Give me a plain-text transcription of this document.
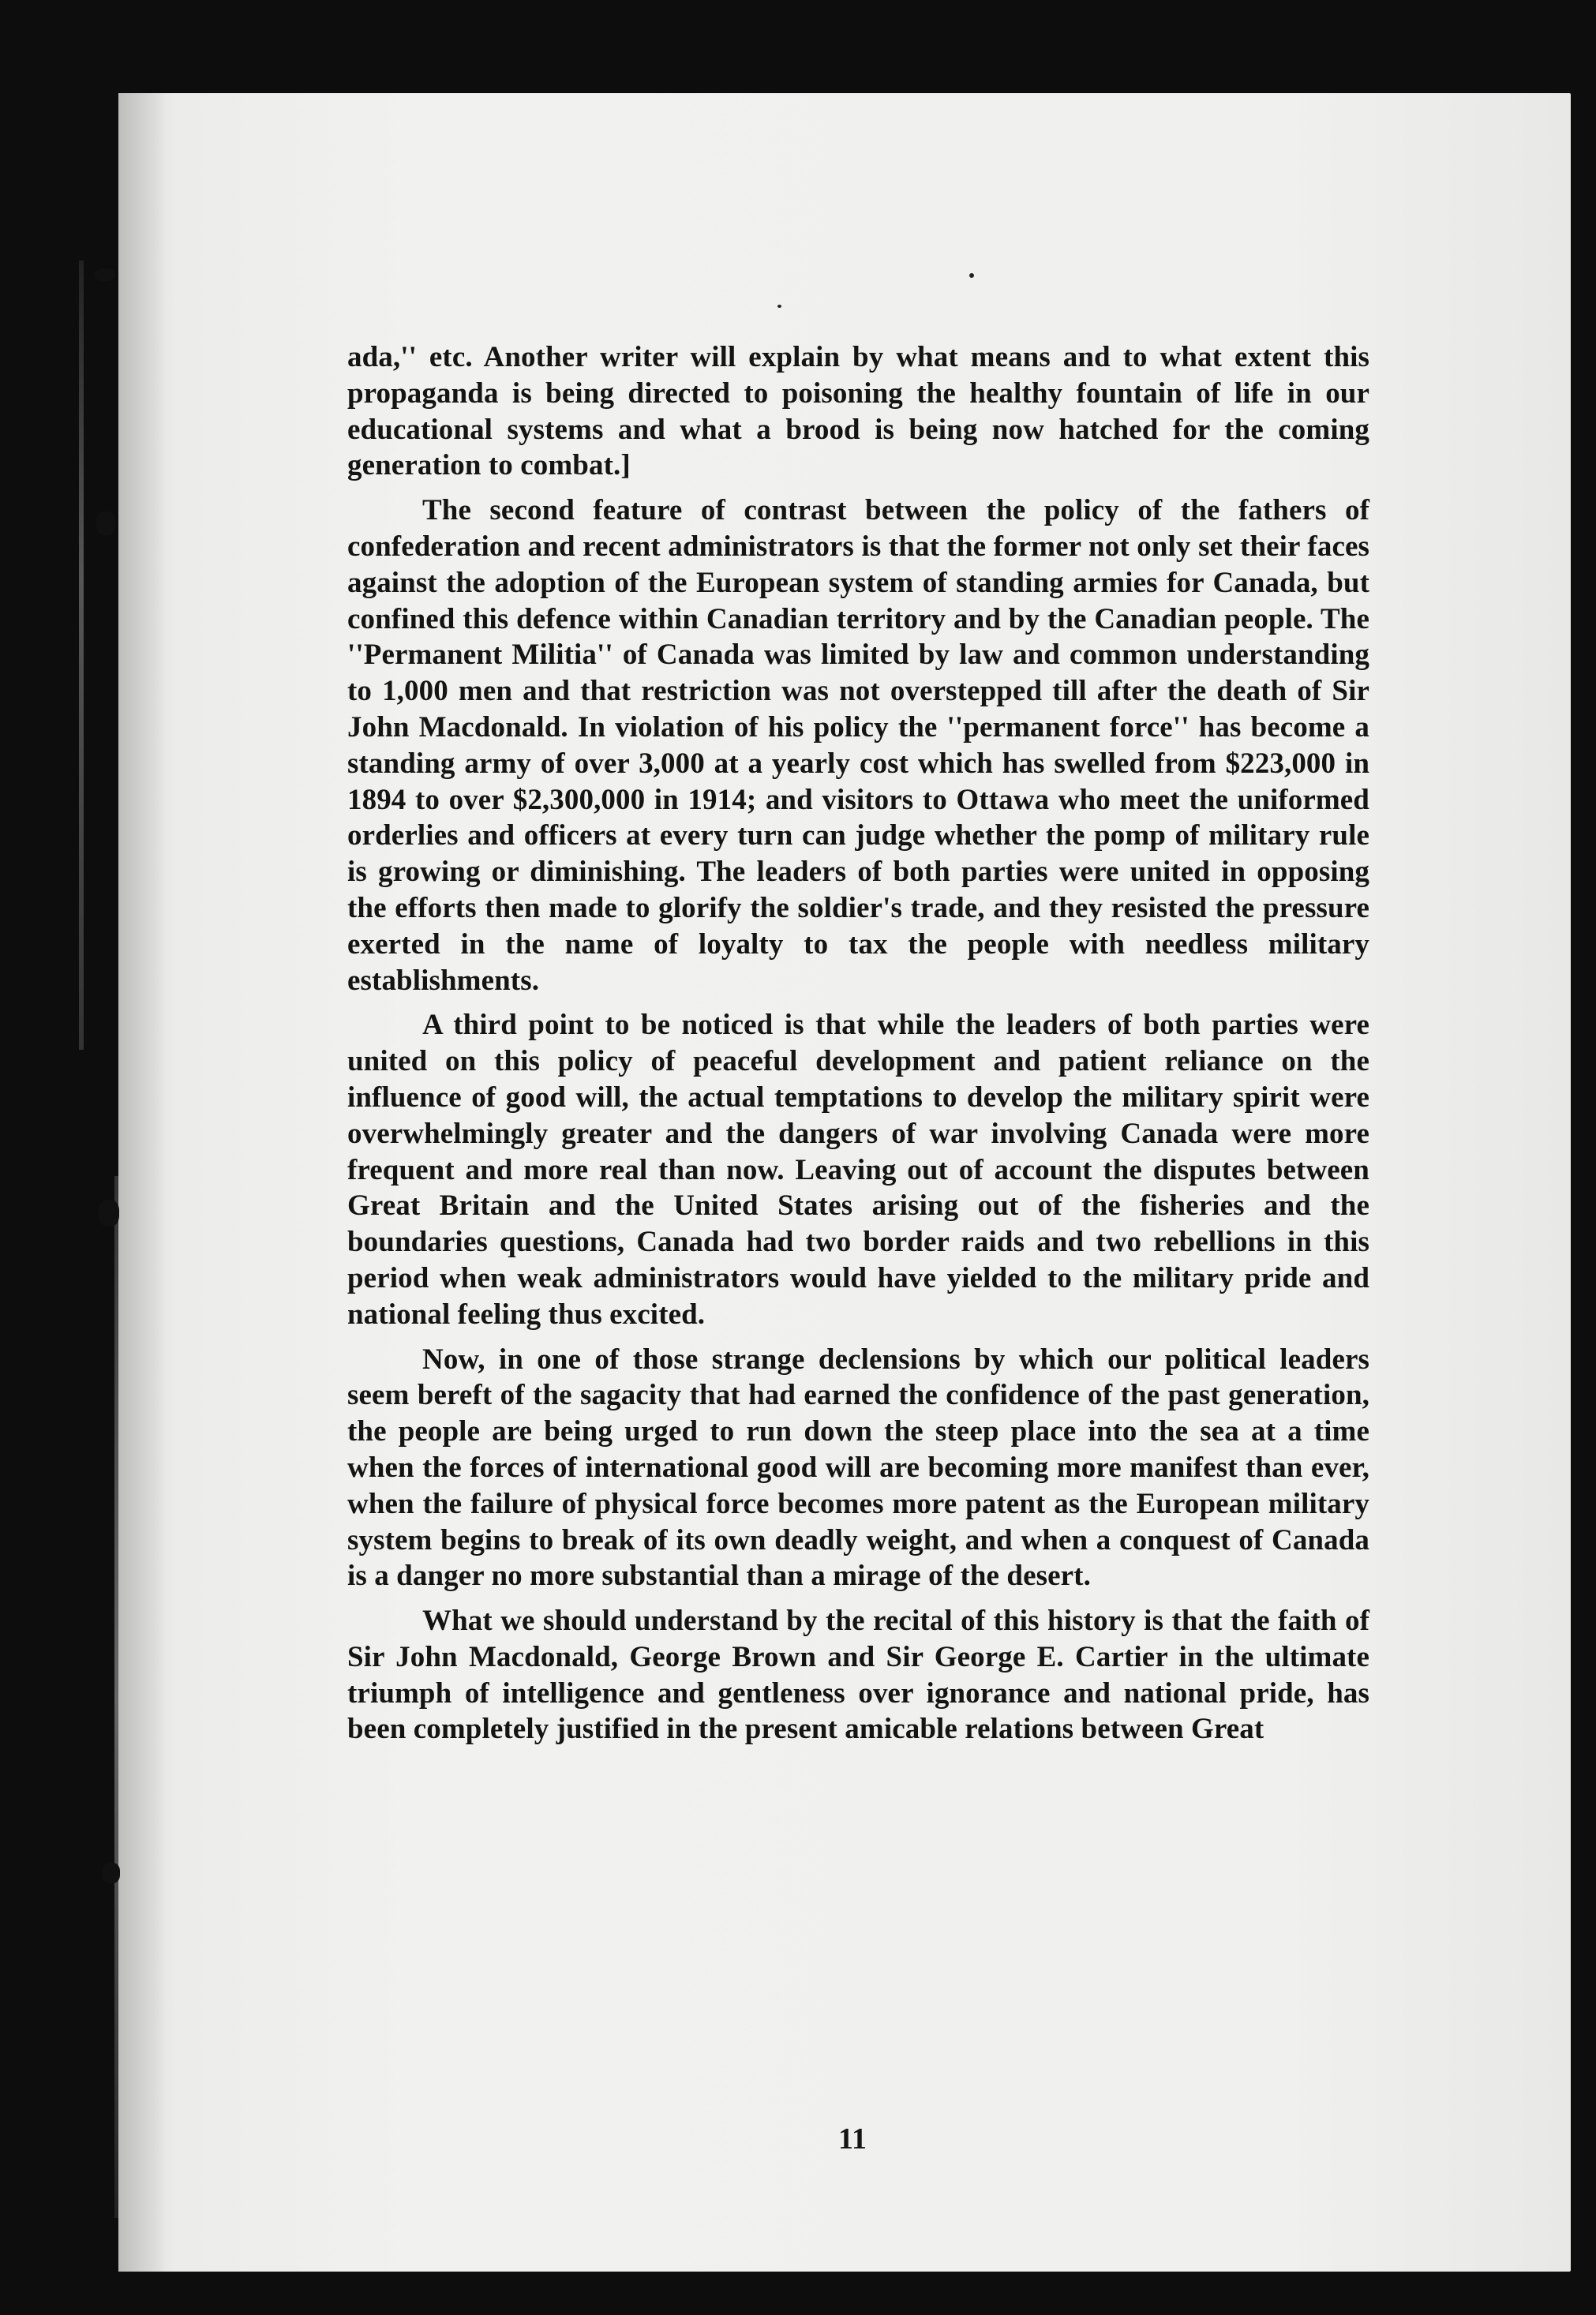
ada,'' etc. Another writer will explain by what means and to what extent this propaganda is being directed to poisoning the healthy fountain of life in our educational systems and what a brood is being now hatched for the coming generation to combat.]

The second feature of contrast between the policy of the fathers of confederation and recent administrators is that the former not only set their faces against the adoption of the European system of standing armies for Canada, but confined this defence within Canadian territory and by the Canadian people. The ''Permanent Militia'' of Canada was limited by law and common understanding to 1,000 men and that restriction was not overstepped till after the death of Sir John Macdonald. In violation of his policy the ''permanent force'' has become a standing army of over 3,000 at a yearly cost which has swelled from $223,000 in 1894 to over $2,300,000 in 1914; and visitors to Ottawa who meet the uniformed orderlies and officers at every turn can judge whether the pomp of military rule is growing or diminishing. The leaders of both parties were united in opposing the efforts then made to glorify the soldier's trade, and they resisted the pressure exerted in the name of loyalty to tax the people with needless military establishments.

A third point to be noticed is that while the leaders of both parties were united on this policy of peaceful development and patient reliance on the influence of good will, the actual temptations to develop the military spirit were overwhelmingly greater and the dangers of war involving Canada were more frequent and more real than now. Leaving out of account the disputes between Great Britain and the United States arising out of the fisheries and the boundaries questions, Canada had two border raids and two rebellions in this period when weak administrators would have yielded to the military pride and national feeling thus excited.

Now, in one of those strange declensions by which our political leaders seem bereft of the sagacity that had earned the confidence of the past generation, the people are being urged to run down the steep place into the sea at a time when the forces of international good will are becoming more manifest than ever, when the failure of physical force becomes more patent as the European military system begins to break of its own deadly weight, and when a conquest of Canada is a danger no more substantial than a mirage of the desert.

What we should understand by the recital of this history is that the faith of Sir John Macdonald, George Brown and Sir George E. Cartier in the ultimate triumph of intelligence and gentleness over ignorance and national pride, has been completely justified in the present amicable relations between Great

11
